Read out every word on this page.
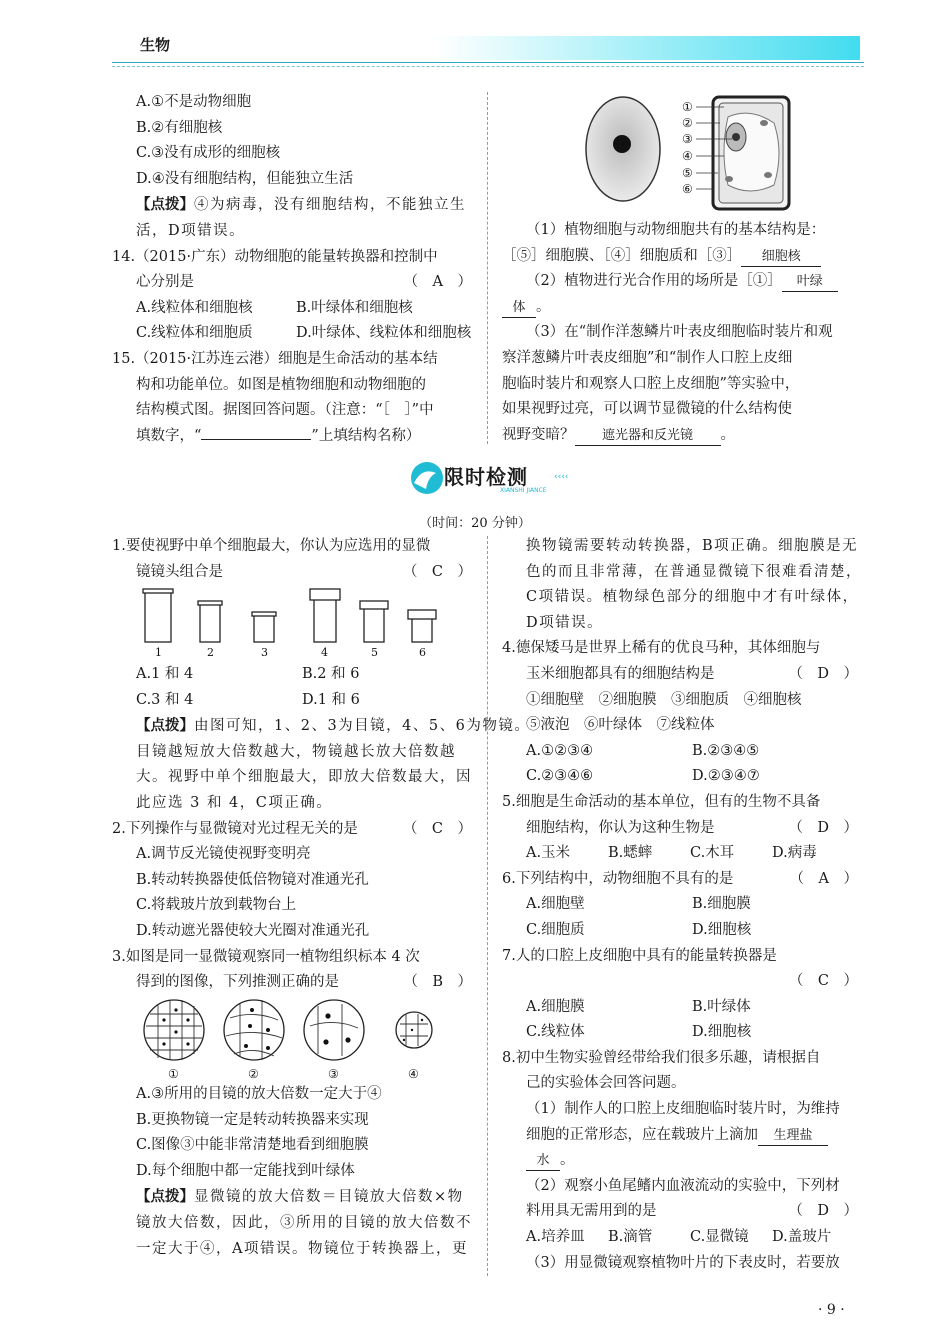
生物

A.①不是动物细胞

B.②有细胞核

C.③没有成形的细胞核

D.④没有细胞结构，但能独立生活

【点拨】④为病毒，没有细胞结构，不能独立生

活，D项错误。

14.（2015·广东）动物细胞的能量转换器和控制中

心分别是	（　A　）

A.线粒体和细胞核	B.叶绿体和细胞核

C.线粒体和细胞质	D.叶绿体、线粒体和细胞核

15.（2015·江苏连云港）细胞是生命活动的基本结

构和功能单位。如图是植物细胞和动物细胞的

结构模式图。据图回答问题。（注意：“［　］”中

填数字，“	”上填结构名称）

①
②
③
④
⑤
⑥

（1）植物细胞与动物细胞共有的基本结构是：

［⑤］细胞膜、［④］细胞质和［③］ 细胞核

（2）植物进行光合作用的场所是［①］ 叶绿

体 。

（3）在“制作洋葱鳞片叶表皮细胞临时装片和观

察洋葱鳞片叶表皮细胞”和“制作人口腔上皮细

胞临时装片和观察人口腔上皮细胞”等实验中，

如果视野过亮，可以调节显微镜的什么结构使

视野变暗？ 遮光器和反光镜 。

‹‹‹‹
限时检测
XIANSHI JIANCE
（时间：20 分钟）

1.要使视野中单个细胞最大，你认为应选用的显微

镜镜头组合是	（　C　）

1	2	3	4	5	6

A.1 和 4	B.2 和 6

C.3 和 4	D.1 和 6

【点拨】由图可知，1、2、3为目镜，4、5、6为物镜。

目镜越短放大倍数越大，物镜越长放大倍数越

大。视野中单个细胞最大，即放大倍数最大，因

此应选 3 和 4，C项正确。

2.下列操作与显微镜对光过程无关的是	（　C　）

A.调节反光镜使视野变明亮

B.转动转换器使低倍物镜对准通光孔

C.将载玻片放到载物台上

D.转动遮光器使较大光圈对准通光孔

3.如图是同一显微镜观察同一植物组织标本 4 次

得到的图像，下列推测正确的是	（　B　）

①	②	③	④

A.③所用的目镜的放大倍数一定大于④

B.更换物镜一定是转动转换器来实现

C.图像③中能非常清楚地看到细胞膜

D.每个细胞中都一定能找到叶绿体

【点拨】显微镜的放大倍数＝目镜放大倍数×物

镜放大倍数，因此，③所用的目镜的放大倍数不

一定大于④，A项错误。物镜位于转换器上，更

换物镜需要转动转换器，B项正确。细胞膜是无

色的而且非常薄，在普通显微镜下很难看清楚，

C项错误。植物绿色部分的细胞中才有叶绿体，

D项错误。

4.德保矮马是世界上稀有的优良马种，其体细胞与

玉米细胞都具有的细胞结构是	（　D　）

①细胞壁　②细胞膜　③细胞质　④细胞核

⑤液泡　⑥叶绿体　⑦线粒体

A.①②③④	B.②③④⑤

C.②③④⑥	D.②③④⑦

5.细胞是生命活动的基本单位，但有的生物不具备

细胞结构，你认为这种生物是	（　D　）

A.玉米	B.蟋蟀	C.木耳	D.病毒

6.下列结构中，动物细胞不具有的是	（　A　）

A.细胞壁	B.细胞膜

C.细胞质	D.细胞核

7.人的口腔上皮细胞中具有的能量转换器是

（　C　）

A.细胞膜	B.叶绿体

C.线粒体	D.细胞核

8.初中生物实验曾经带给我们很多乐趣，请根据自

己的实验体会回答问题。

（1）制作人的口腔上皮细胞临时装片时，为维持

细胞的正常形态，应在载玻片上滴加 生理盐

水 。

（2）观察小鱼尾鳍内血液流动的实验中，下列材

料用具无需用到的是	（　D　）

A.培养皿 B.滴管	C.显微镜 D.盖玻片

（3）用显微镜观察植物叶片的下表皮时，若要放

· 9 ·
